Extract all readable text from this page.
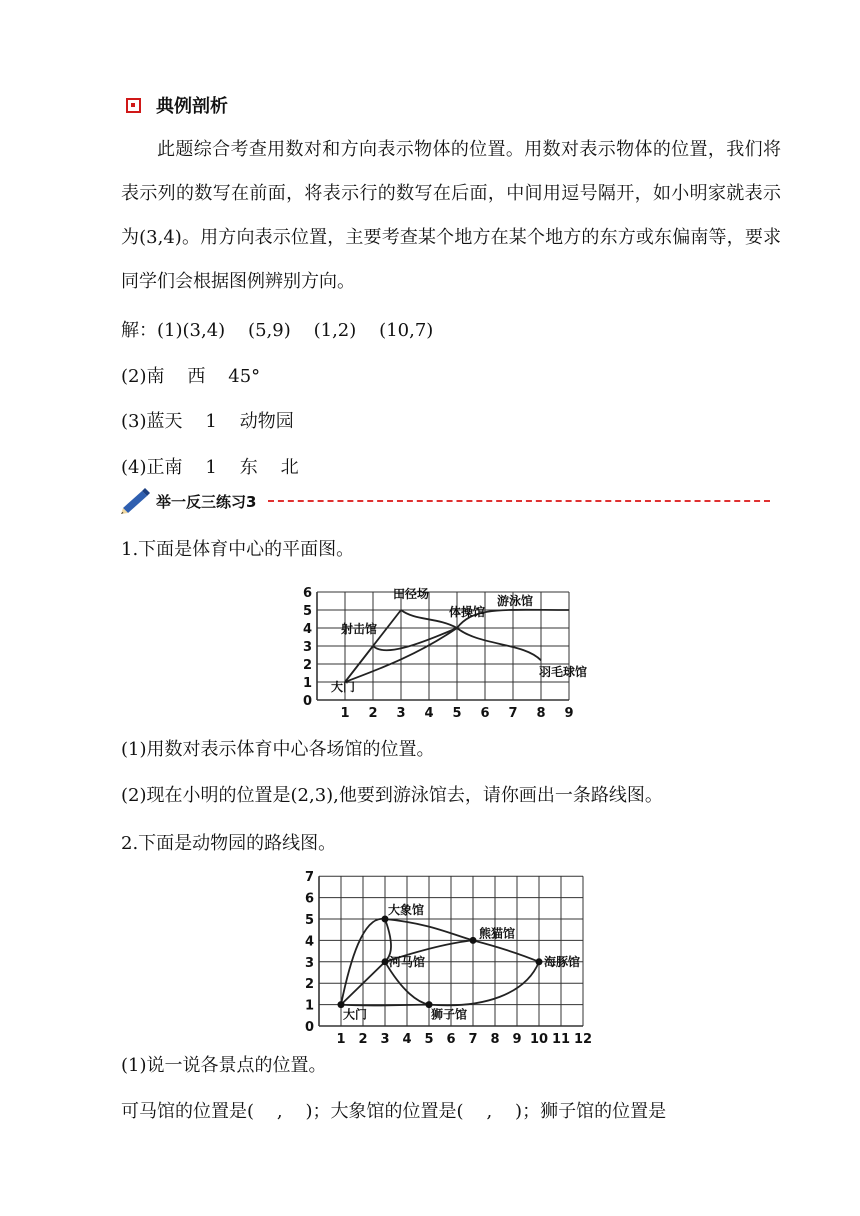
典例剖析
此题综合考查用数对和方向表示物体的位置。用数对表示物体的位置，我们将表示列的数写在前面，将表示行的数写在后面，中间用逗号隔开，如小明家就表示为(3,4)。用方向表示位置，主要考查某个地方在某个地方的东方或东偏南等，要求同学们会根据图例辨别方向。
解：(1)(3,4)    (5,9)    (1,2)    (10,7)
(2)南    西    45°
(3)蓝天    1    动物园
(4)正南    1    东    北
举一反三练习3
1.下面是体育中心的平面图。
1 2 3 4 5 6 7 8 9
0
1
2
3
4
5
6
大门
射击馆
田径场
体操馆
游泳馆
羽毛球馆
(1)用数对表示体育中心各场馆的位置。
(2)现在小明的位置是(2,3),他要到游泳馆去，请你画出一条路线图。
2.下面是动物园的路线图。
1 2 3 4 5 6 7 8 9 10 11 12
0
1
2
3
4
5
6
7
大门
大象馆
河马馆
熊猫馆
海豚馆
狮子馆
(1)说一说各景点的位置。
可马馆的位置是(    ,    )；大象馆的位置是(    ,    )；狮子馆的位置是
